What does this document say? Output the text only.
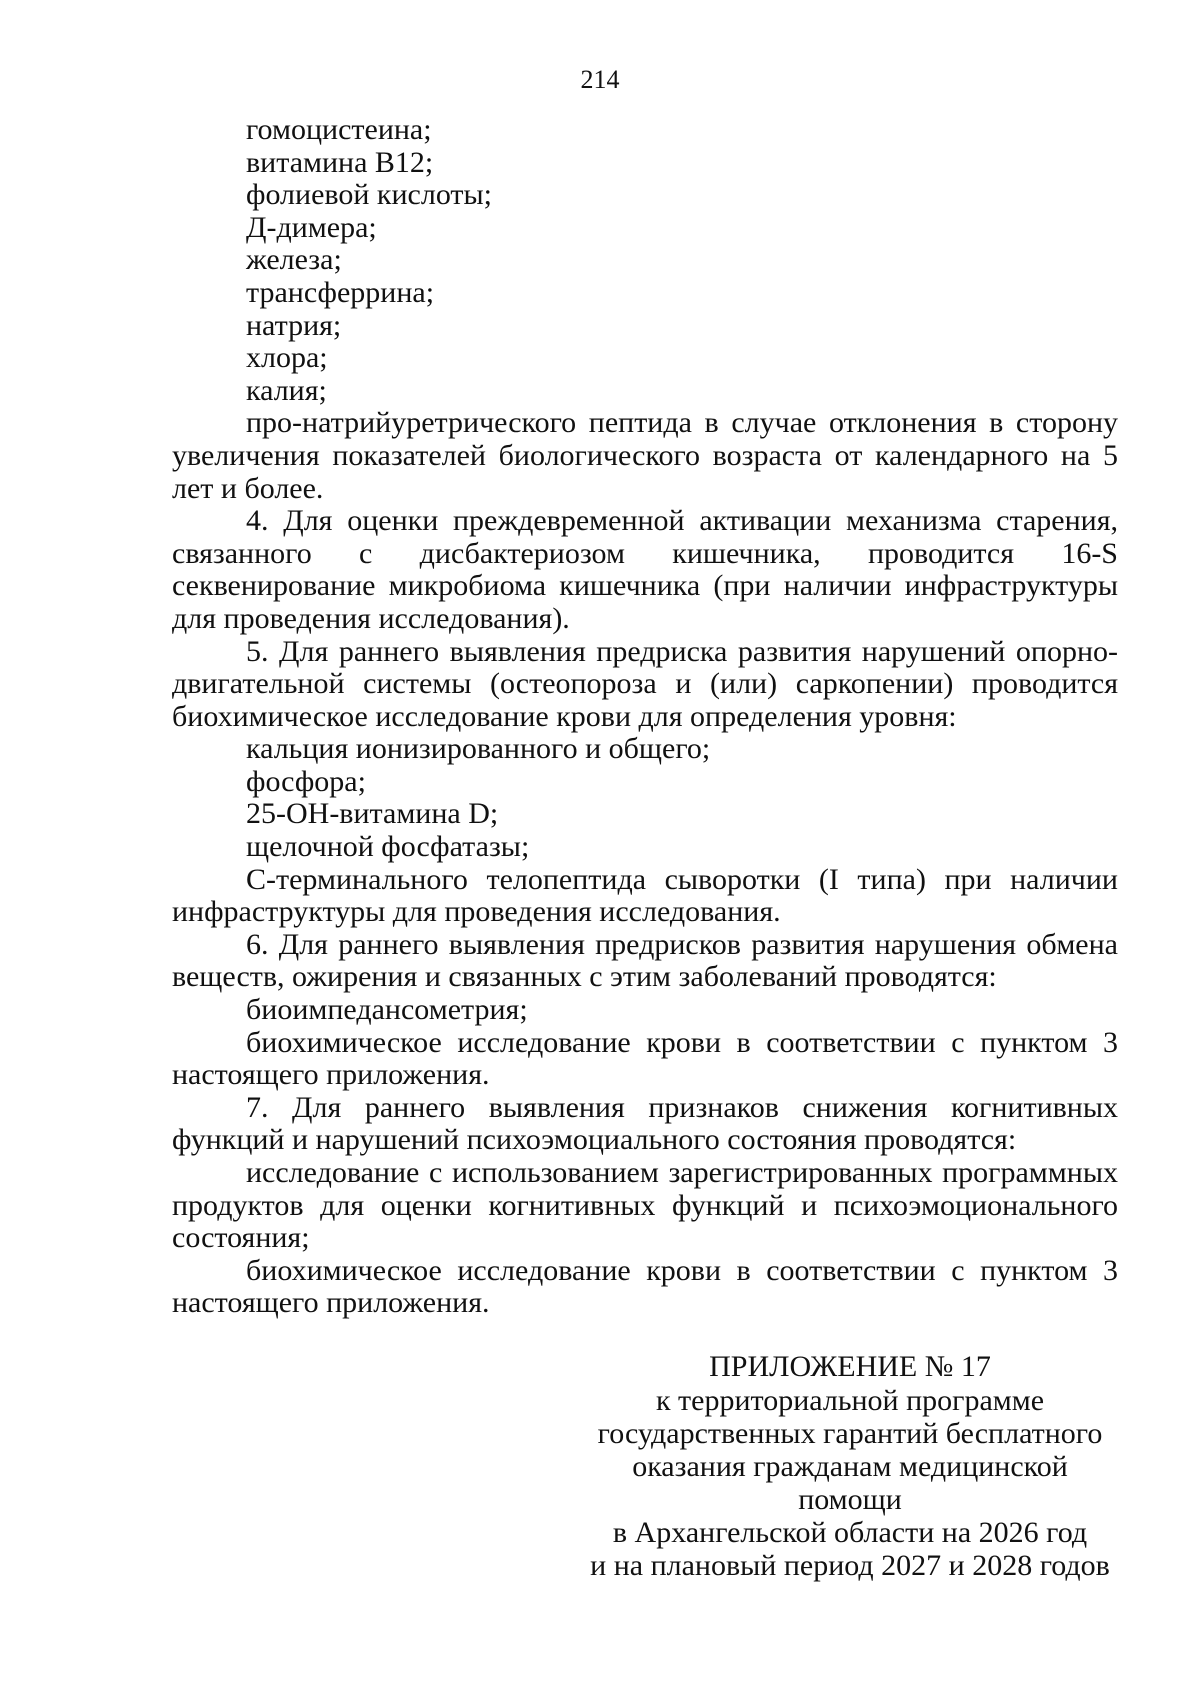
214

гомоцистеина;

витамина B12;

фолиевой кислоты;

Д-димера;

железа;

трансферрина;

натрия;

хлора;

калия;

про-натрийуретрического пептида в случае отклонения в сторону увеличения показателей биологического возраста от календарного на 5 лет и более.

4. Для оценки преждевременной активации механизма старения, связанного с дисбактериозом кишечника, проводится 16-S секвенирование микробиома кишечника (при наличии инфраструктуры для проведения исследования).

5. Для раннего выявления предриска развития нарушений опорно-двигательной системы (остеопороза и (или) саркопении) проводится биохимическое исследование крови для определения уровня:

кальция ионизированного и общего;

фосфора;

25-OH-витамина D;

щелочной фосфатазы;

С-терминального телопептида сыворотки (I типа) при наличии инфраструктуры для проведения исследования.

6. Для раннего выявления предрисков развития нарушения обмена веществ, ожирения и связанных с этим заболеваний проводятся:

биоимпедансометрия;

биохимическое исследование крови в соответствии с пунктом 3 настоящего приложения.

7. Для раннего выявления признаков снижения когнитивных функций и нарушений психоэмоциального состояния проводятся:

исследование с использованием зарегистрированных программных продуктов для оценки когнитивных функций и психоэмоционального состояния;

биохимическое исследование крови в соответствии с пунктом 3 настоящего приложения.

ПРИЛОЖЕНИЕ № 17

к территориальной программе

государственных гарантий бесплатного

оказания гражданам медицинской помощи

в Архангельской области на 2026 год

и на плановый период 2027 и 2028 годов
